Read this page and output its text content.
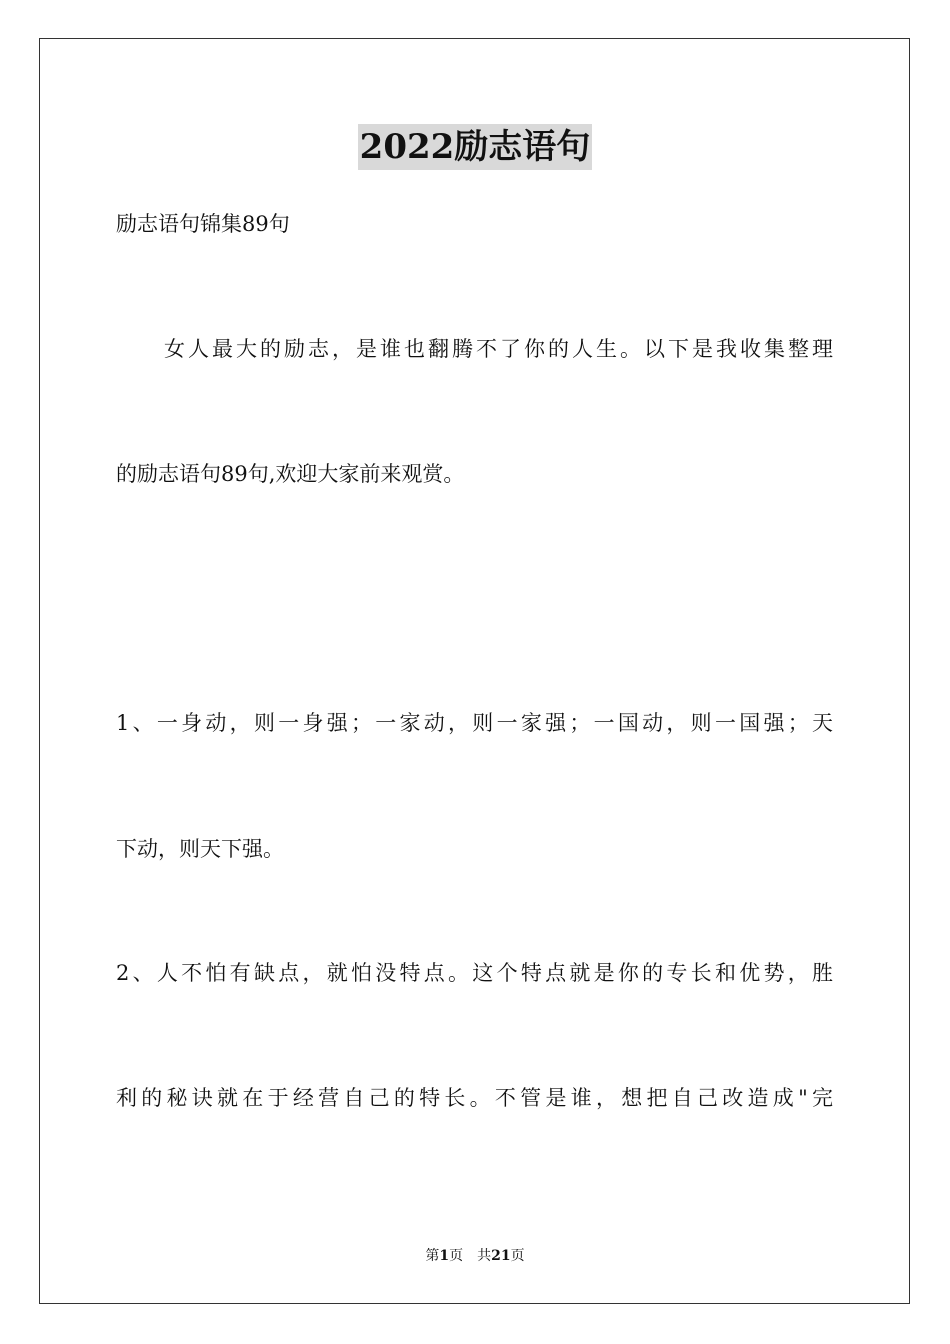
2022励志语句

励志语句锦集89句

　　女人最大的励志，是谁也翻腾不了你的人生。以下是我收集整理

的励志语句89句,欢迎大家前来观赏。

1、一身动，则一身强；一家动，则一家强；一国动，则一国强；天

下动，则天下强。

2、人不怕有缺点，就怕没特点。这个特点就是你的专长和优势，胜

利的秘诀就在于经营自己的特长。不管是谁，想把自己改造成"完

第1页 共21页
